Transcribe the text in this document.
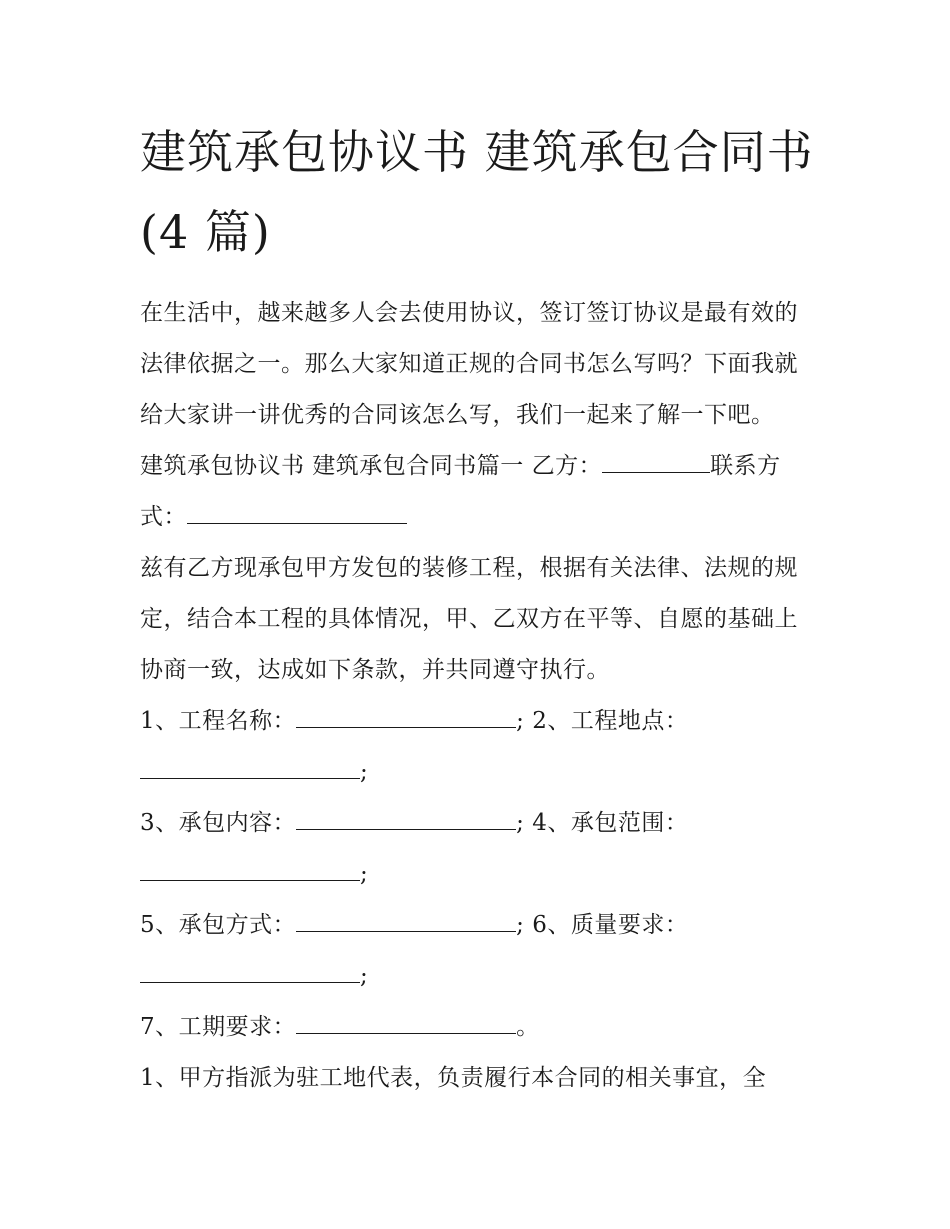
建筑承包协议书 建筑承包合同书(4 篇)

在生活中，越来越多人会去使用协议，签订签订协议是最有效的法律依据之一。那么大家知道正规的合同书怎么写吗？下面我就给大家讲一讲优秀的合同该怎么写，我们一起来了解一下吧。

建筑承包协议书 建筑承包合同书篇一 乙方：	联系方式：

兹有乙方现承包甲方发包的装修工程，根据有关法律、法规的规定，结合本工程的具体情况，甲、乙双方在平等、自愿的基础上协商一致，达成如下条款，并共同遵守执行。

1、工程名称：	; 2、工程地点：;

3、承包内容：	; 4、承包范围：;

5、承包方式：	; 6、质量要求：;

7、工期要求：	。

1、甲方指派为驻工地代表，负责履行本合同的相关事宜，全
